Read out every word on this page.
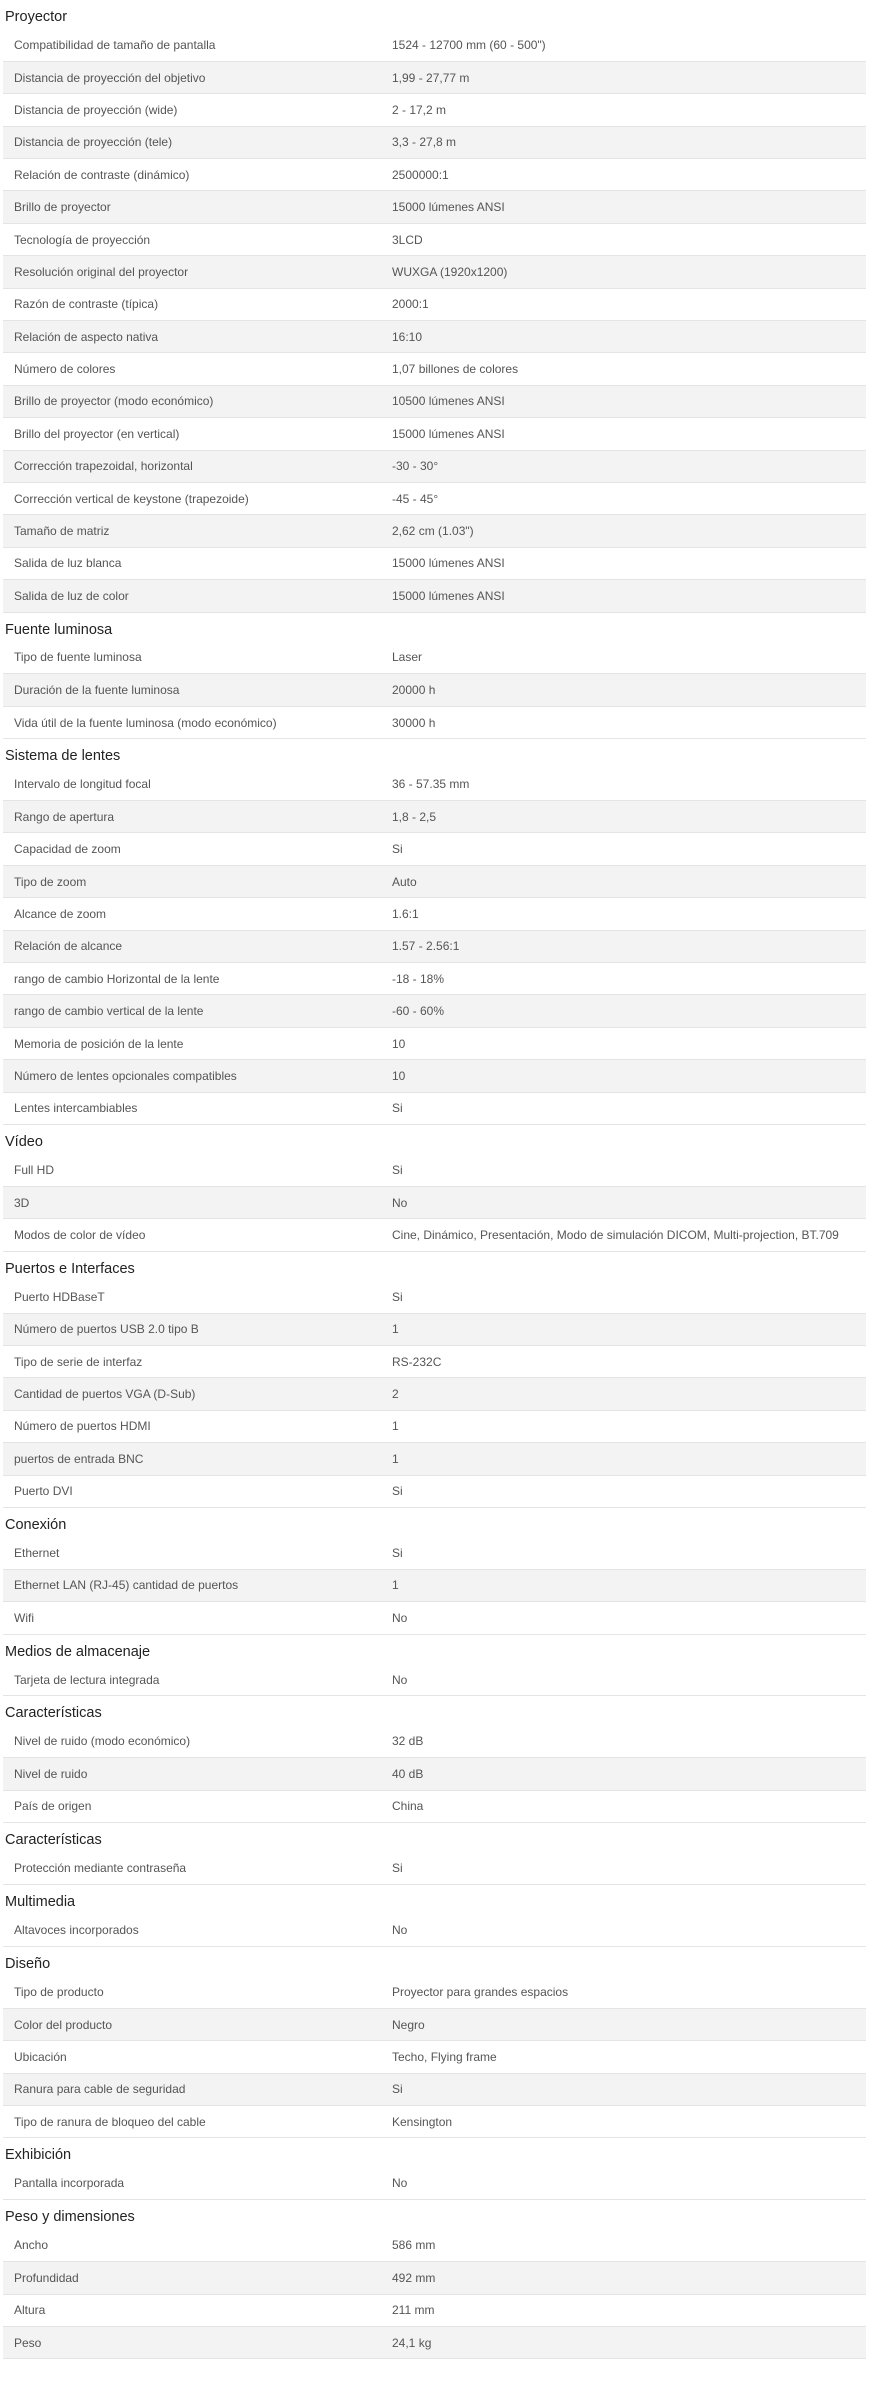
Proyector
Compatibilidad de tamaño de pantalla	1524 - 12700 mm (60 - 500")
Distancia de proyección del objetivo	1,99 - 27,77 m
Distancia de proyección (wide)	2 - 17,2 m
Distancia de proyección (tele)	3,3 - 27,8 m
Relación de contraste (dinámico)	2500000:1
Brillo de proyector	15000 lúmenes ANSI
Tecnología de proyección	3LCD
Resolución original del proyector	WUXGA (1920x1200)
Razón de contraste (típica)	2000:1
Relación de aspecto nativa	16:10
Número de colores	1,07 billones de colores
Brillo de proyector (modo económico)	10500 lúmenes ANSI
Brillo del proyector (en vertical)	15000 lúmenes ANSI
Corrección trapezoidal, horizontal	-30 - 30°
Corrección vertical de keystone (trapezoide)	-45 - 45°
Tamaño de matriz	2,62 cm (1.03")
Salida de luz blanca	15000 lúmenes ANSI
Salida de luz de color	15000 lúmenes ANSI
Fuente luminosa
Tipo de fuente luminosa	Laser
Duración de la fuente luminosa	20000 h
Vida útil de la fuente luminosa (modo económico)	30000 h
Sistema de lentes
Intervalo de longitud focal	36 - 57.35 mm
Rango de apertura	1,8 - 2,5
Capacidad de zoom	Si
Tipo de zoom	Auto
Alcance de zoom	1.6:1
Relación de alcance	1.57 - 2.56:1
rango de cambio Horizontal de la lente	-18 - 18%
rango de cambio vertical de la lente	-60 - 60%
Memoria de posición de la lente	10
Número de lentes opcionales compatibles	10
Lentes intercambiables	Si
Vídeo
Full HD	Si
3D	No
Modos de color de vídeo	Cine, Dinámico, Presentación, Modo de simulación DICOM, Multi-projection, BT.709
Puertos e Interfaces
Puerto HDBaseT	Si
Número de puertos USB 2.0 tipo B	1
Tipo de serie de interfaz	RS-232C
Cantidad de puertos VGA (D-Sub)	2
Número de puertos HDMI	1
puertos de entrada BNC	1
Puerto DVI	Si
Conexión
Ethernet	Si
Ethernet LAN (RJ-45) cantidad de puertos	1
Wifi	No
Medios de almacenaje
Tarjeta de lectura integrada	No
Características
Nivel de ruido (modo económico)	32 dB
Nivel de ruido	40 dB
País de origen	China
Características
Protección mediante contraseña	Si
Multimedia
Altavoces incorporados	No
Diseño
Tipo de producto	Proyector para grandes espacios
Color del producto	Negro
Ubicación	Techo, Flying frame
Ranura para cable de seguridad	Si
Tipo de ranura de bloqueo del cable	Kensington
Exhibición
Pantalla incorporada	No
Peso y dimensiones
Ancho	586 mm
Profundidad	492 mm
Altura	211 mm
Peso	24,1 kg
